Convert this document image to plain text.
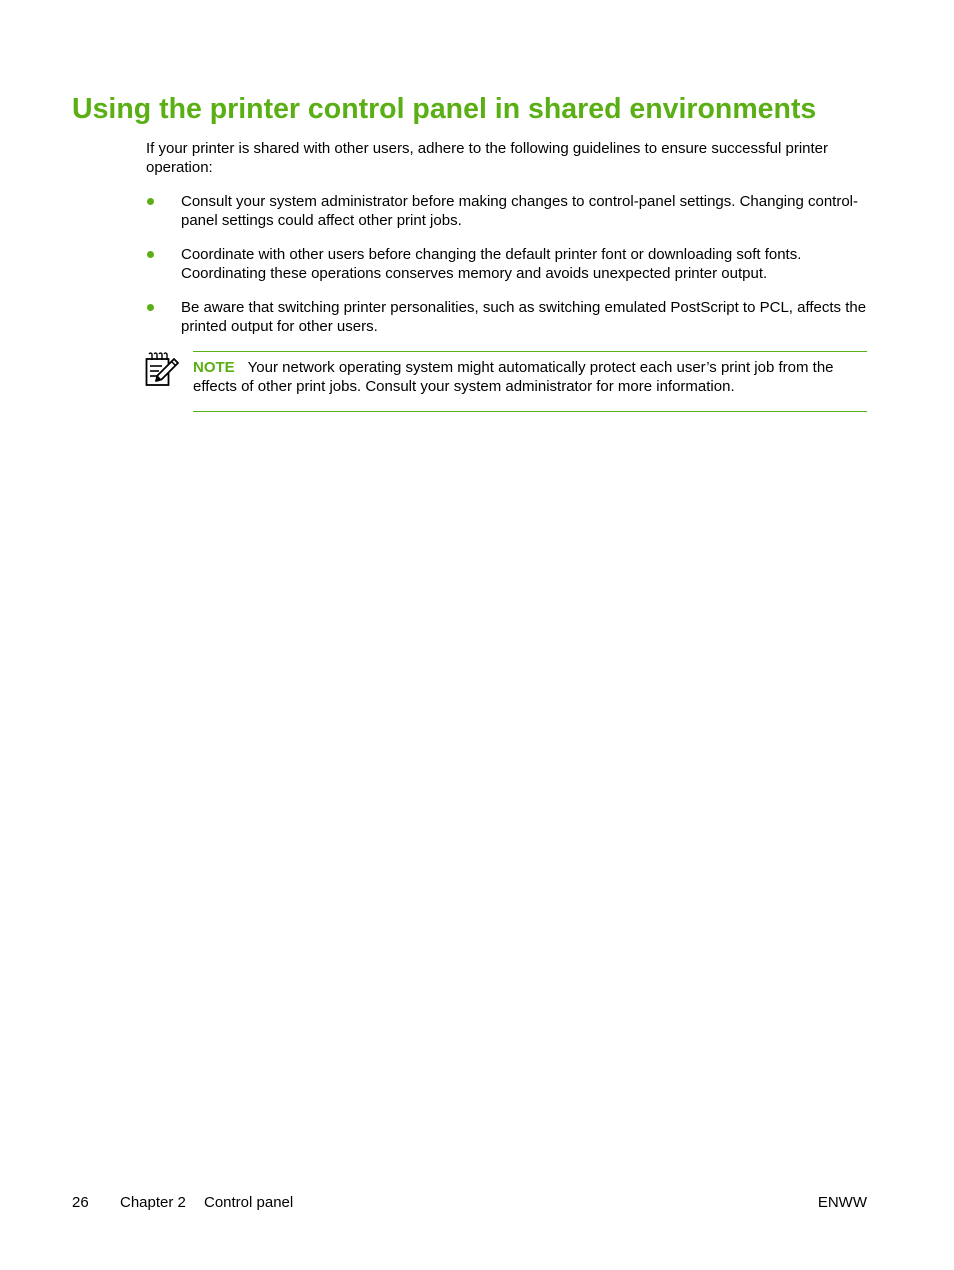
Using the printer control panel in shared environments

If your printer is shared with other users, adhere to the following guidelines to ensure successful printer operation:

Consult your system administrator before making changes to control-panel settings. Changing control-panel settings could affect other print jobs.
Coordinate with other users before changing the default printer font or downloading soft fonts. Coordinating these operations conserves memory and avoids unexpected printer output.
Be aware that switching printer personalities, such as switching emulated PostScript to PCL, affects the printed output for other users.
NOTE Your network operating system might automatically protect each user’s print job from the effects of other print jobs. Consult your system administrator for more information.
26 Chapter 2 Control panel	ENWW
